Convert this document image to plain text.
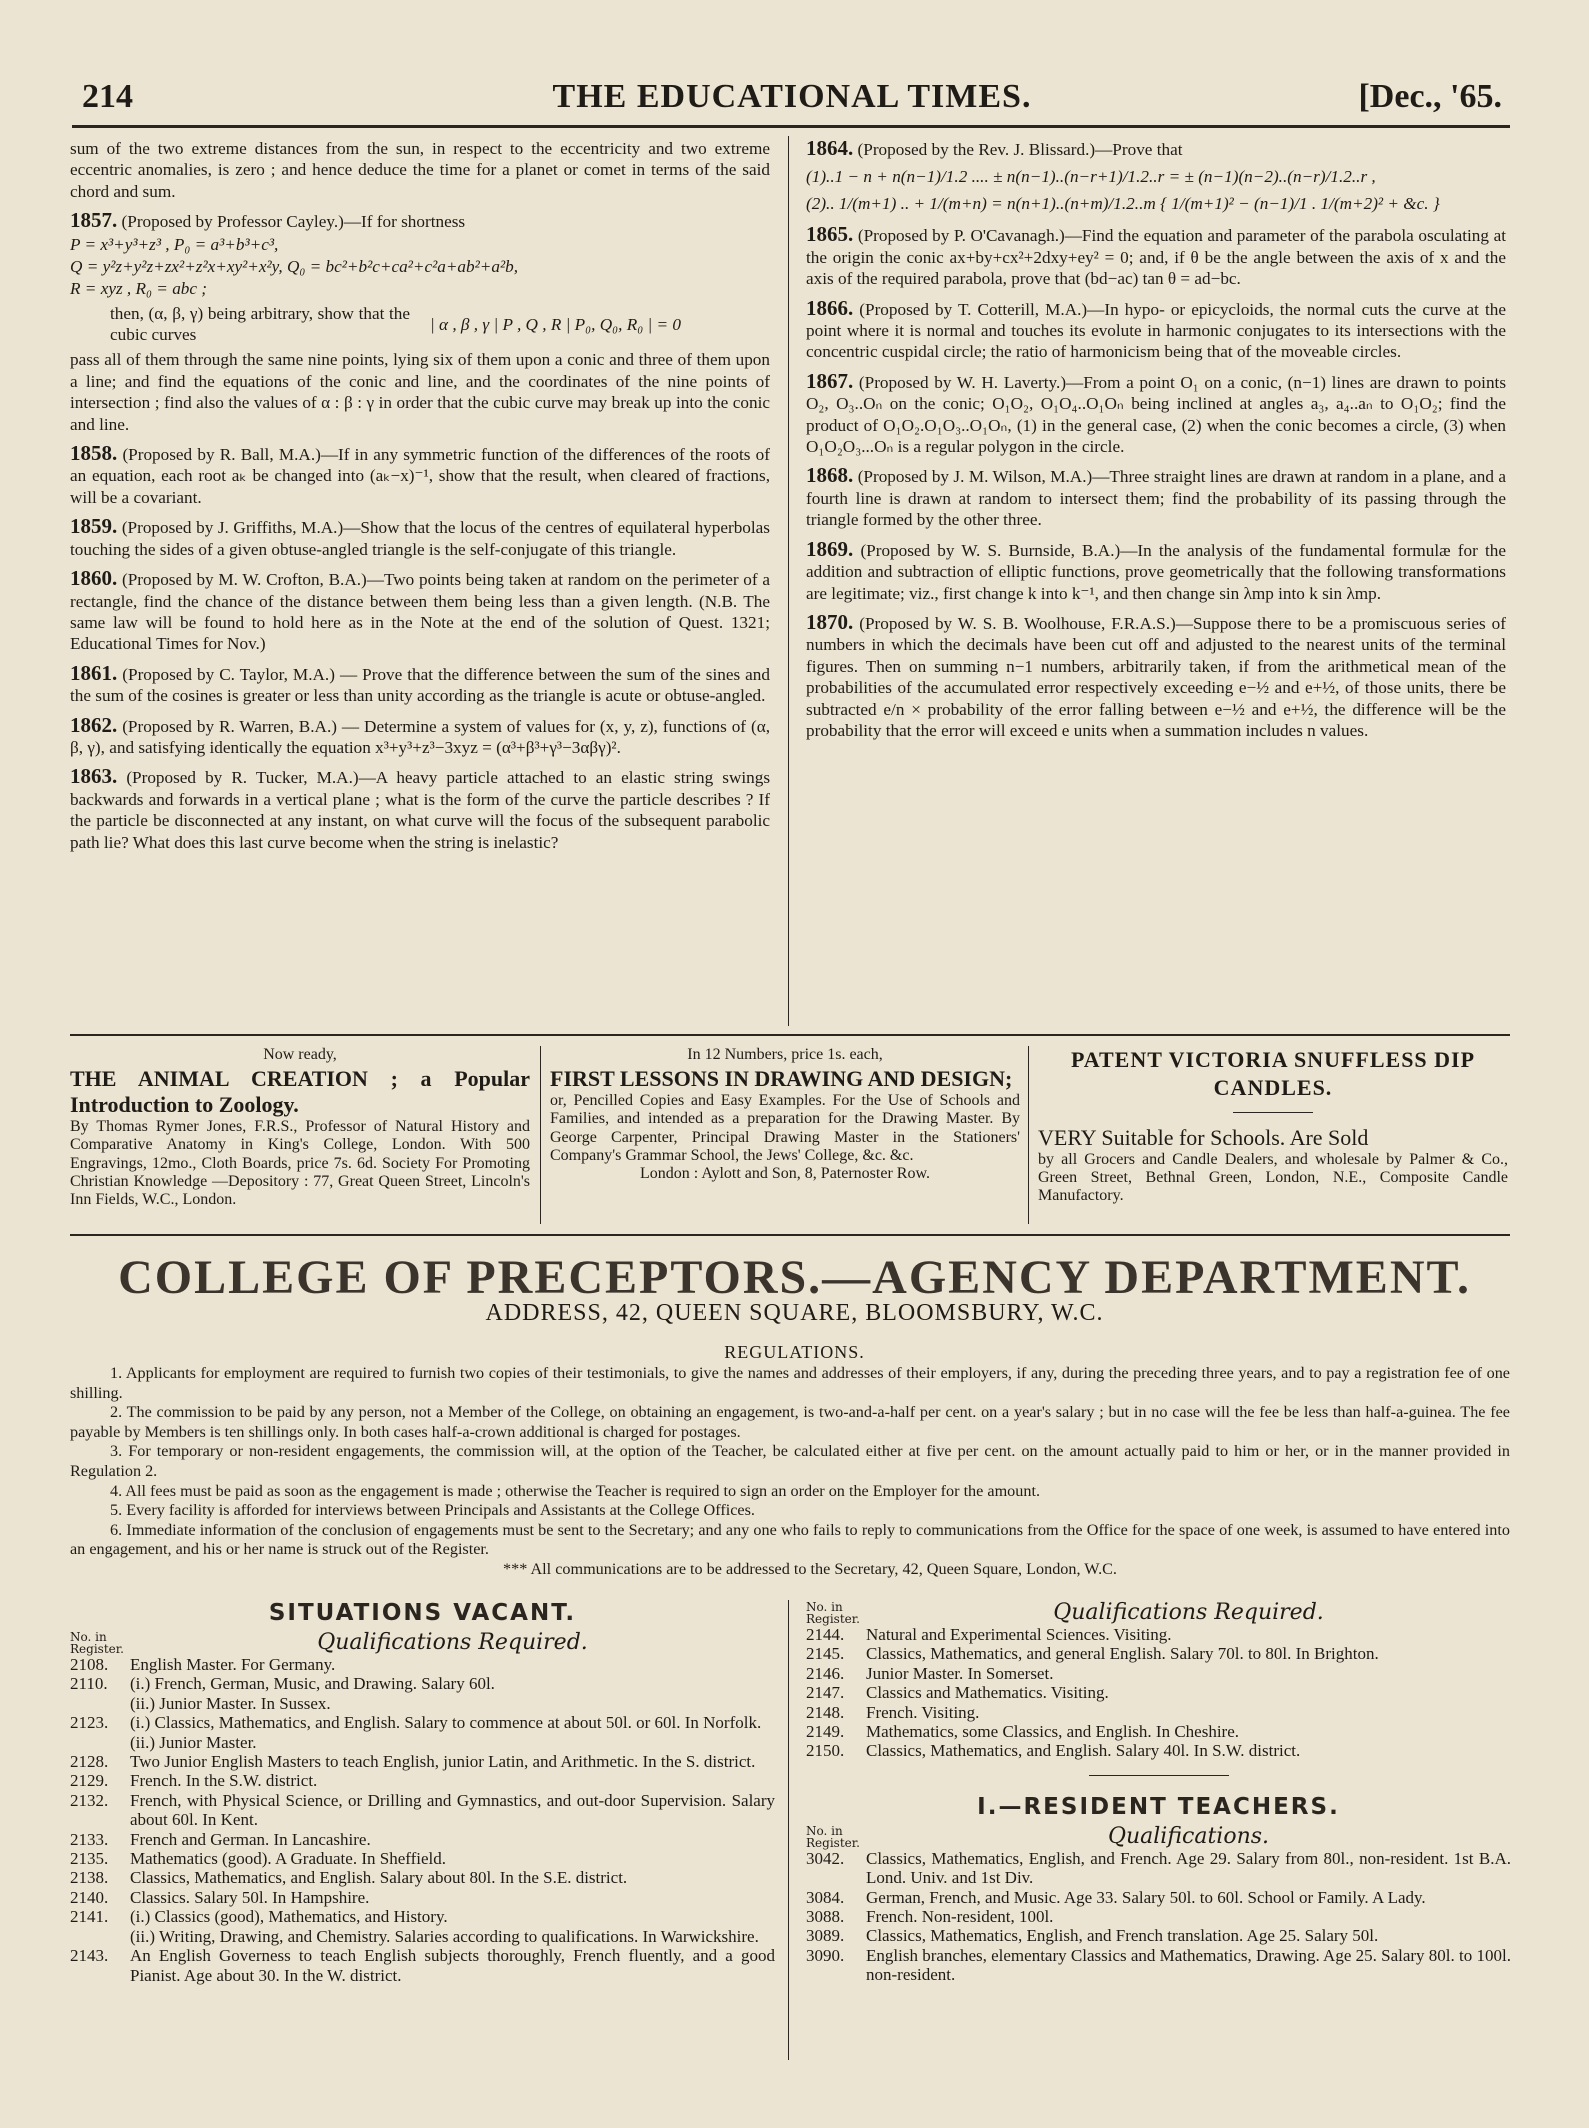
214	THE EDUCATIONAL TIMES.	[Dec., '65.

sum of the two extreme distances from the sun, in respect to the eccentricity and two extreme eccentric anomalies, is zero ; and hence deduce the time for a planet or comet in terms of the said chord and sum.

1857. (Proposed by Professor Cayley.)—If for shortness

P = x³+y³+z³ , P₀ = a³+b³+c³,
Q = y²z+y²z+zx²+z²x+xy²+x²y, Q₀ = bc²+b²c+ca²+c²a+ab²+a²b,
R = xyz , R₀ = abc ;
then, (α, β, γ) being arbitrary, show that the cubic curves
| α , β , γ | P , Q , R | P₀, Q₀, R₀ | = 0

pass all of them through the same nine points, lying six of them upon a conic and three of them upon a line; and find the equations of the conic and line, and the coordinates of the nine points of intersection ; find also the values of α : β : γ in order that the cubic curve may break up into the conic and line.

1858. (Proposed by R. Ball, M.A.)—If in any symmetric function of the differences of the roots of an equation, each root aₖ be changed into (aₖ−x)⁻¹, show that the result, when cleared of fractions, will be a covariant.

1859. (Proposed by J. Griffiths, M.A.)—Show that the locus of the centres of equilateral hyperbolas touching the sides of a given obtuse-angled triangle is the self-conjugate of this triangle.

1860. (Proposed by M. W. Crofton, B.A.)—Two points being taken at random on the perimeter of a rectangle, find the chance of the distance between them being less than a given length. (N.B. The same law will be found to hold here as in the Note at the end of the solution of Quest. 1321; Educational Times for Nov.)

1861. (Proposed by C. Taylor, M.A.) — Prove that the difference between the sum of the sines and the sum of the cosines is greater or less than unity according as the triangle is acute or obtuse-angled.

1862. (Proposed by R. Warren, B.A.) — Determine a system of values for (x, y, z), functions of (α, β, γ), and satisfying identically the equation x³+y³+z³−3xyz = (α³+β³+γ³−3αβγ)².

1863. (Proposed by R. Tucker, M.A.)—A heavy particle attached to an elastic string swings backwards and forwards in a vertical plane ; what is the form of the curve the particle describes ? If the particle be disconnected at any instant, on what curve will the focus of the subsequent parabolic path lie? What does this last curve become when the string is inelastic?

1864. (Proposed by the Rev. J. Blissard.)—Prove that

(1)..1 − n + n(n−1)/1.2 .... ± n(n−1)..(n−r+1)/1.2..r = ± (n−1)(n−2)..(n−r)/1.2..r ,
(2).. 1/(m+1) .. + 1/(m+n) = n(n+1)..(n+m)/1.2..m { 1/(m+1)² − (n−1)/1 . 1/(m+2)² + &c. }

1865. (Proposed by P. O'Cavanagh.)—Find the equation and parameter of the parabola osculating at the origin the conic ax+by+cx²+2dxy+ey² = 0; and, if θ be the angle between the axis of x and the axis of the required parabola, prove that (bd−ac) tan θ = ad−bc.

1866. (Proposed by T. Cotterill, M.A.)—In hypo- or epicycloids, the normal cuts the curve at the point where it is normal and touches its evolute in harmonic conjugates to its intersections with the concentric cuspidal circle; the ratio of harmonicism being that of the moveable circles.

1867. (Proposed by W. H. Laverty.)—From a point O₁ on a conic, (n−1) lines are drawn to points O₂, O₃..Oₙ on the conic; O₁O₂, O₁O₄..O₁Oₙ being inclined at angles a₃, a₄..aₙ to O₁O₂; find the product of O₁O₂.O₁O₃..O₁Oₙ, (1) in the general case, (2) when the conic becomes a circle, (3) when O₁O₂O₃...Oₙ is a regular polygon in the circle.

1868. (Proposed by J. M. Wilson, M.A.)—Three straight lines are drawn at random in a plane, and a fourth line is drawn at random to intersect them; find the probability of its passing through the triangle formed by the other three.

1869. (Proposed by W. S. Burnside, B.A.)—In the analysis of the fundamental formulæ for the addition and subtraction of elliptic functions, prove geometrically that the following transformations are legitimate; viz., first change k into k⁻¹, and then change sin λmp into k sin λmp.

1870. (Proposed by W. S. B. Woolhouse, F.R.A.S.)—Suppose there to be a promiscuous series of numbers in which the decimals have been cut off and adjusted to the nearest units of the terminal figures. Then on summing n−1 numbers, arbitrarily taken, if from the arithmetical mean of the probabilities of the accumulated error respectively exceeding e−½ and e+½, of those units, there be subtracted e/n × probability of the error falling between e−½ and e+½, the difference will be the probability that the error will exceed e units when a summation includes n values.

Now ready,
THE ANIMAL CREATION ; a Popular Introduction to Zoology.
By Thomas Rymer Jones, F.R.S., Professor of Natural History and Comparative Anatomy in King's College, London. With 500 Engravings, 12mo., Cloth Boards, price 7s. 6d. Society For Promoting Christian Knowledge —Depository : 77, Great Queen Street, Lincoln's Inn Fields, W.C., London.
In 12 Numbers, price 1s. each,
FIRST LESSONS IN DRAWING AND DESIGN;
or, Pencilled Copies and Easy Examples. For the Use of Schools and Families, and intended as a preparation for the Drawing Master. By George Carpenter, Principal Drawing Master in the Stationers' Company's Grammar School, the Jews' College, &c. &c.
London : Aylott and Son, 8, Paternoster Row.
PATENT VICTORIA SNUFFLESS DIP CANDLES.
VERY Suitable for Schools. Are Sold
by all Grocers and Candle Dealers, and wholesale by Palmer & Co., Green Street, Bethnal Green, London, N.E., Composite Candle Manufactory.
COLLEGE OF PRECEPTORS.—AGENCY DEPARTMENT.
ADDRESS, 42, QUEEN SQUARE, BLOOMSBURY, W.C.
REGULATIONS.

1. Applicants for employment are required to furnish two copies of their testimonials, to give the names and addresses of their employers, if any, during the preceding three years, and to pay a registration fee of one shilling.

2. The commission to be paid by any person, not a Member of the College, on obtaining an engagement, is two-and-a-half per cent. on a year's salary ; but in no case will the fee be less than half-a-guinea. The fee payable by Members is ten shillings only. In both cases half-a-crown additional is charged for postages.

3. For temporary or non-resident engagements, the commission will, at the option of the Teacher, be calculated either at five per cent. on the amount actually paid to him or her, or in the manner provided in Regulation 2.

4. All fees must be paid as soon as the engagement is made ; otherwise the Teacher is required to sign an order on the Employer for the amount.

5. Every facility is afforded for interviews between Principals and Assistants at the College Offices.

6. Immediate information of the conclusion of engagements must be sent to the Secretary; and any one who fails to reply to communications from the Office for the space of one week, is assumed to have entered into an engagement, and his or her name is struck out of the Register.

*** All communications are to be addressed to the Secretary, 42, Queen Square, London, W.C.

SITUATIONS VACANT.
No. in Register.	Qualifications Required.
2108.	English Master. For Germany.
2110.	(i.) French, German, Music, and Drawing. Salary 60l.
(ii.) Junior Master. In Sussex.
2123.	(i.) Classics, Mathematics, and English. Salary to commence at about 50l. or 60l. In Norfolk.
(ii.) Junior Master.
2128.	Two Junior English Masters to teach English, junior Latin, and Arithmetic. In the S. district.
2129.	French. In the S.W. district.
2132.	French, with Physical Science, or Drilling and Gymnastics, and out-door Supervision. Salary about 60l. In Kent.
2133.	French and German. In Lancashire.
2135.	Mathematics (good). A Graduate. In Sheffield.
2138.	Classics, Mathematics, and English. Salary about 80l. In the S.E. district.
2140.	Classics. Salary 50l. In Hampshire.
2141.	(i.) Classics (good), Mathematics, and History.
(ii.) Writing, Drawing, and Chemistry. Salaries according to qualifications. In Warwickshire.
2143.	An English Governess to teach English subjects thoroughly, French fluently, and a good Pianist. Age about 30. In the W. district.
No. in Register.	Qualifications Required.
2144.	Natural and Experimental Sciences. Visiting.
2145.	Classics, Mathematics, and general English. Salary 70l. to 80l. In Brighton.
2146.	Junior Master. In Somerset.
2147.	Classics and Mathematics. Visiting.
2148.	French. Visiting.
2149.	Mathematics, some Classics, and English. In Cheshire.
2150.	Classics, Mathematics, and English. Salary 40l. In S.W. district.
I.—RESIDENT TEACHERS.
No. in Register.	Qualifications.
3042.	Classics, Mathematics, English, and French. Age 29. Salary from 80l., non-resident. 1st B.A. Lond. Univ. and 1st Div.
3084.	German, French, and Music. Age 33. Salary 50l. to 60l. School or Family. A Lady.
3088.	French. Non-resident, 100l.
3089.	Classics, Mathematics, English, and French translation. Age 25. Salary 50l.
3090.	English branches, elementary Classics and Mathematics, Drawing. Age 25. Salary 80l. to 100l. non-resident.
